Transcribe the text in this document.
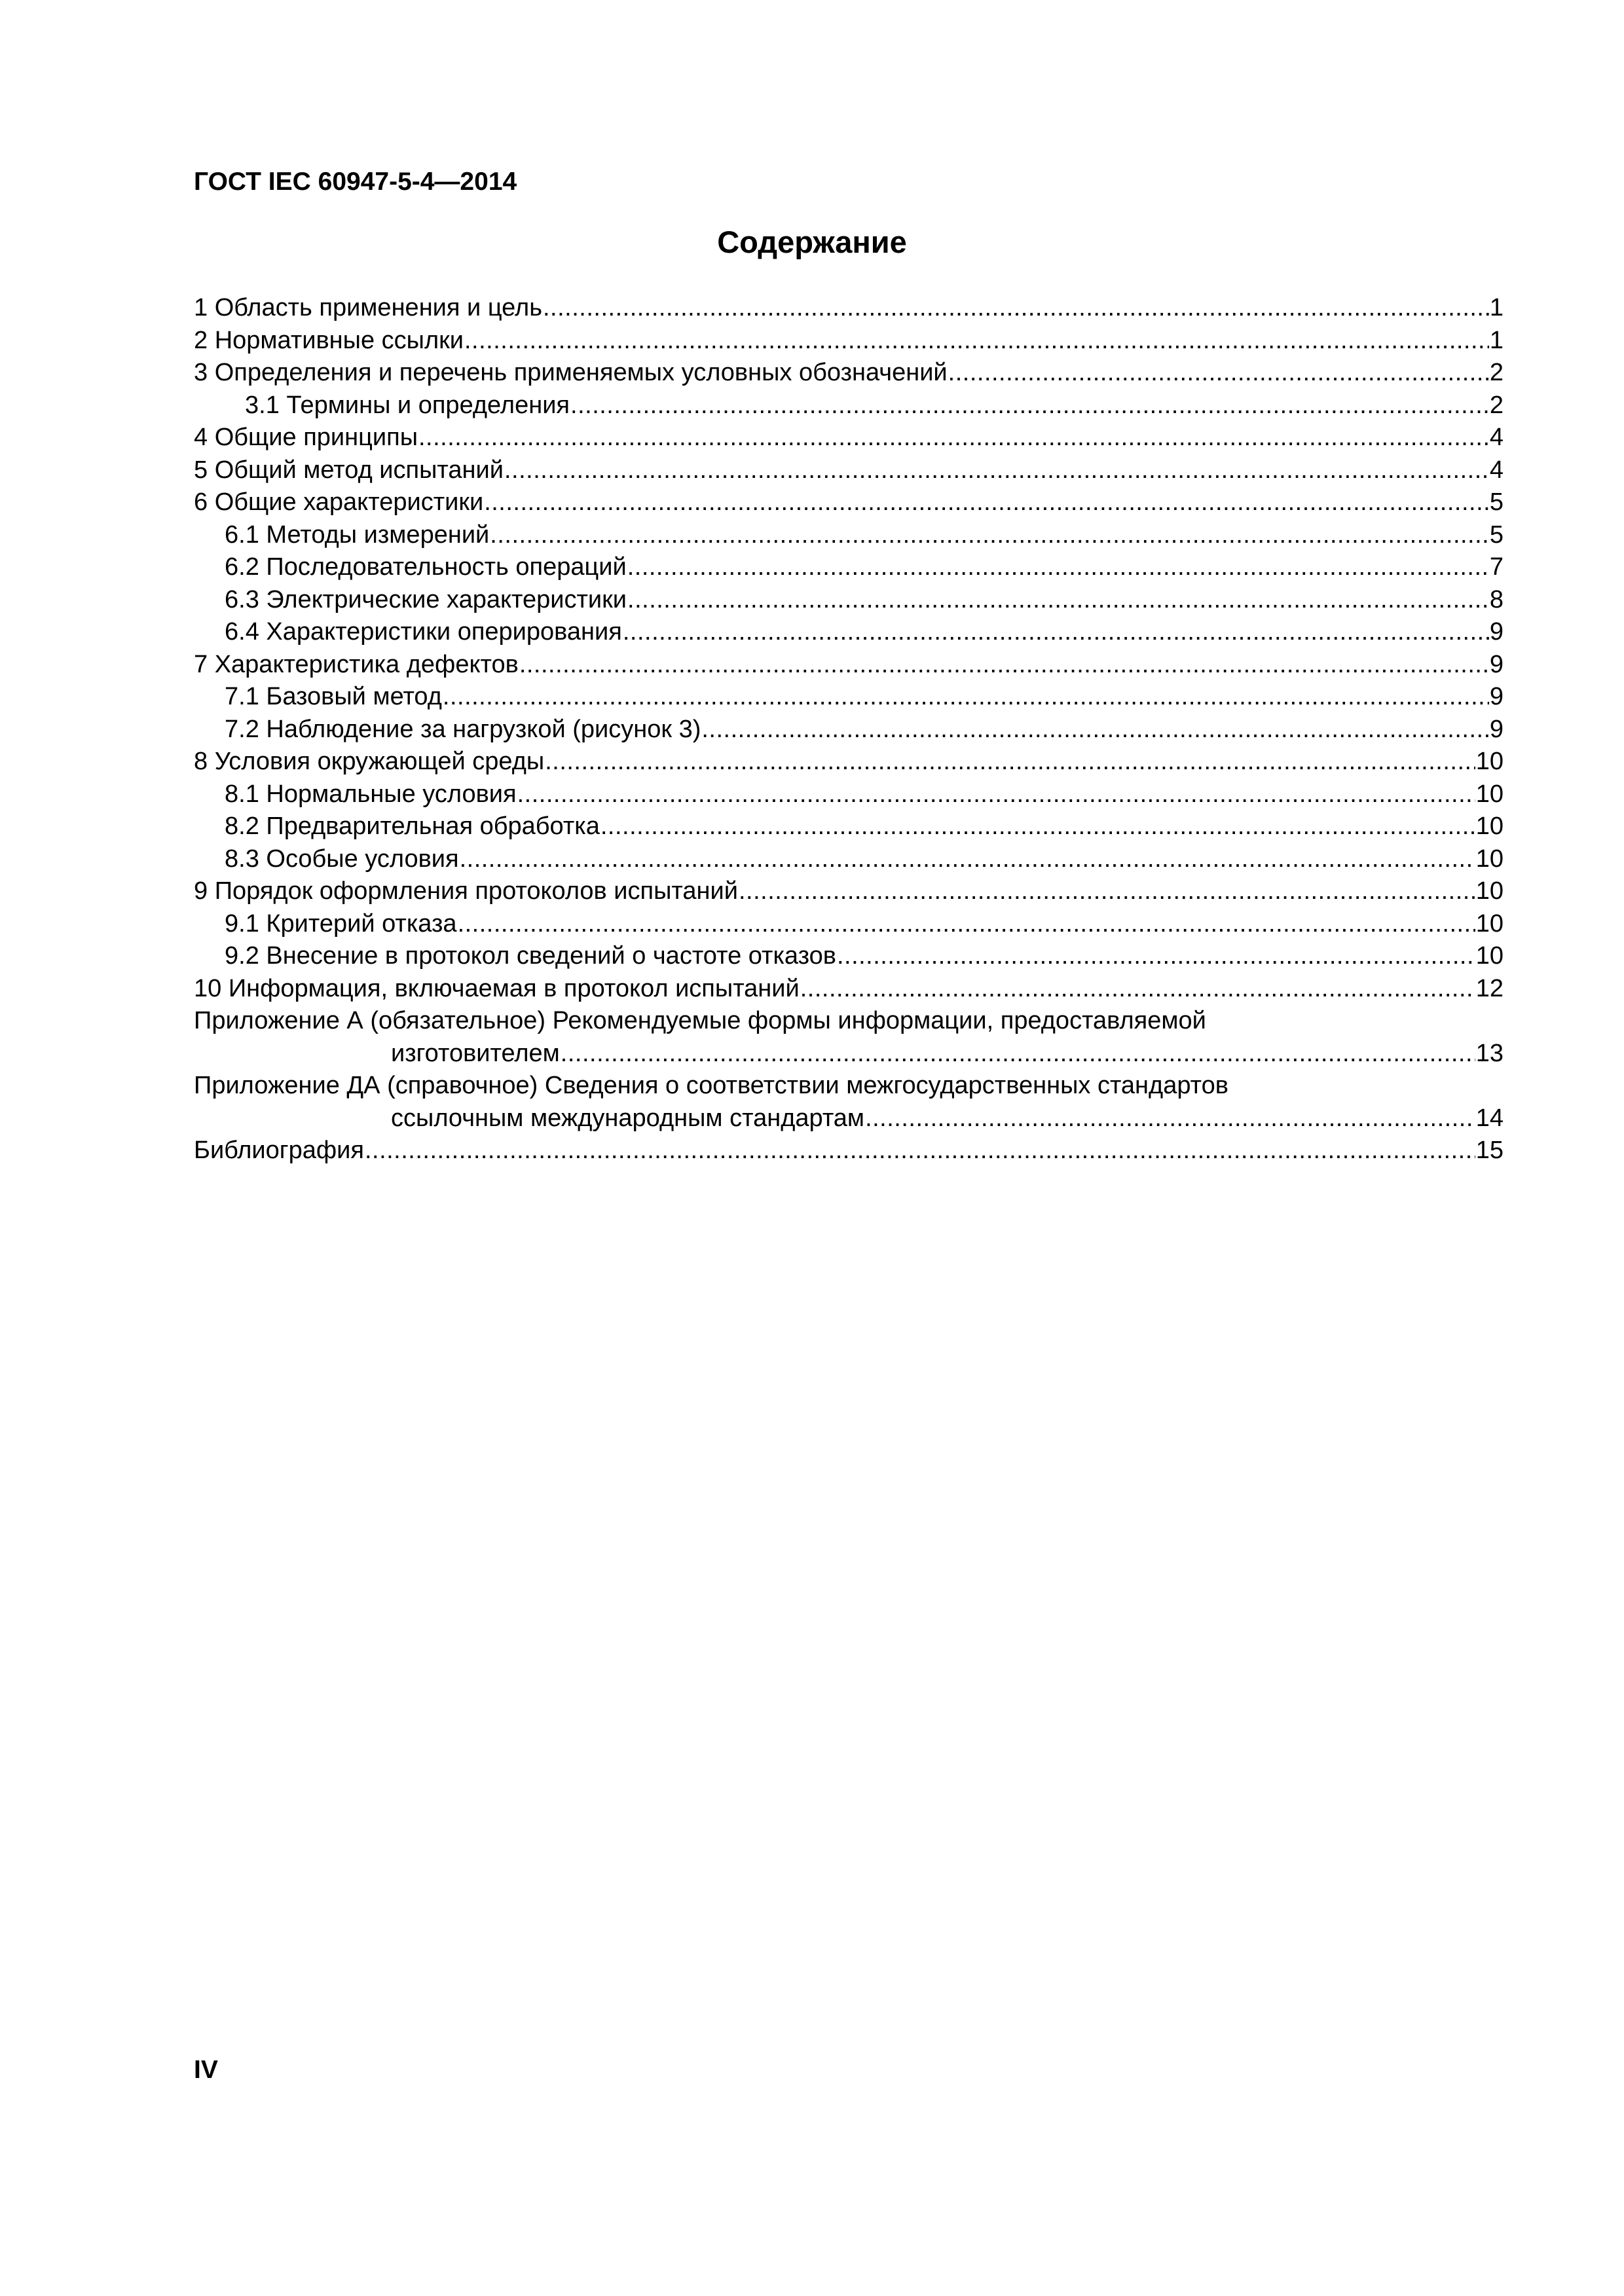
ГОСТ IEC 60947-5-4—2014
Содержание
1 Область применения и цель .....	1
2 Нормативные ссылки .....	1
3 Определения и перечень применяемых условных обозначений .....	2
3.1 Термины и определения .....	2
4 Общие принципы .....	4
5 Общий метод испытаний .....	4
6 Общие характеристики .....	5
6.1 Методы измерений .....	5
6.2 Последовательность операций .....	7
6.3 Электрические характеристики .....	8
6.4 Характеристики оперирования .....	9
7 Характеристика дефектов .....	9
7.1 Базовый метод .....	9
7.2 Наблюдение за нагрузкой (рисунок 3) .....	9
8 Условия окружающей среды .....	10
8.1 Нормальные условия .....	10
8.2 Предварительная обработка .....	10
8.3 Особые условия .....	10
9 Порядок оформления протоколов испытаний .....	10
9.1 Критерий отказа .....	10
9.2 Внесение в протокол сведений о частоте отказов .....	10
10 Информация, включаемая в протокол испытаний .....	12
Приложение А (обязательное) Рекомендуемые формы информации, предоставляемой
изготовителем .....	13
Приложение ДА (справочное) Сведения о соответствии межгосударственных стандартов
ссылочным международным стандартам .....	14
Библиография .....	15
IV
